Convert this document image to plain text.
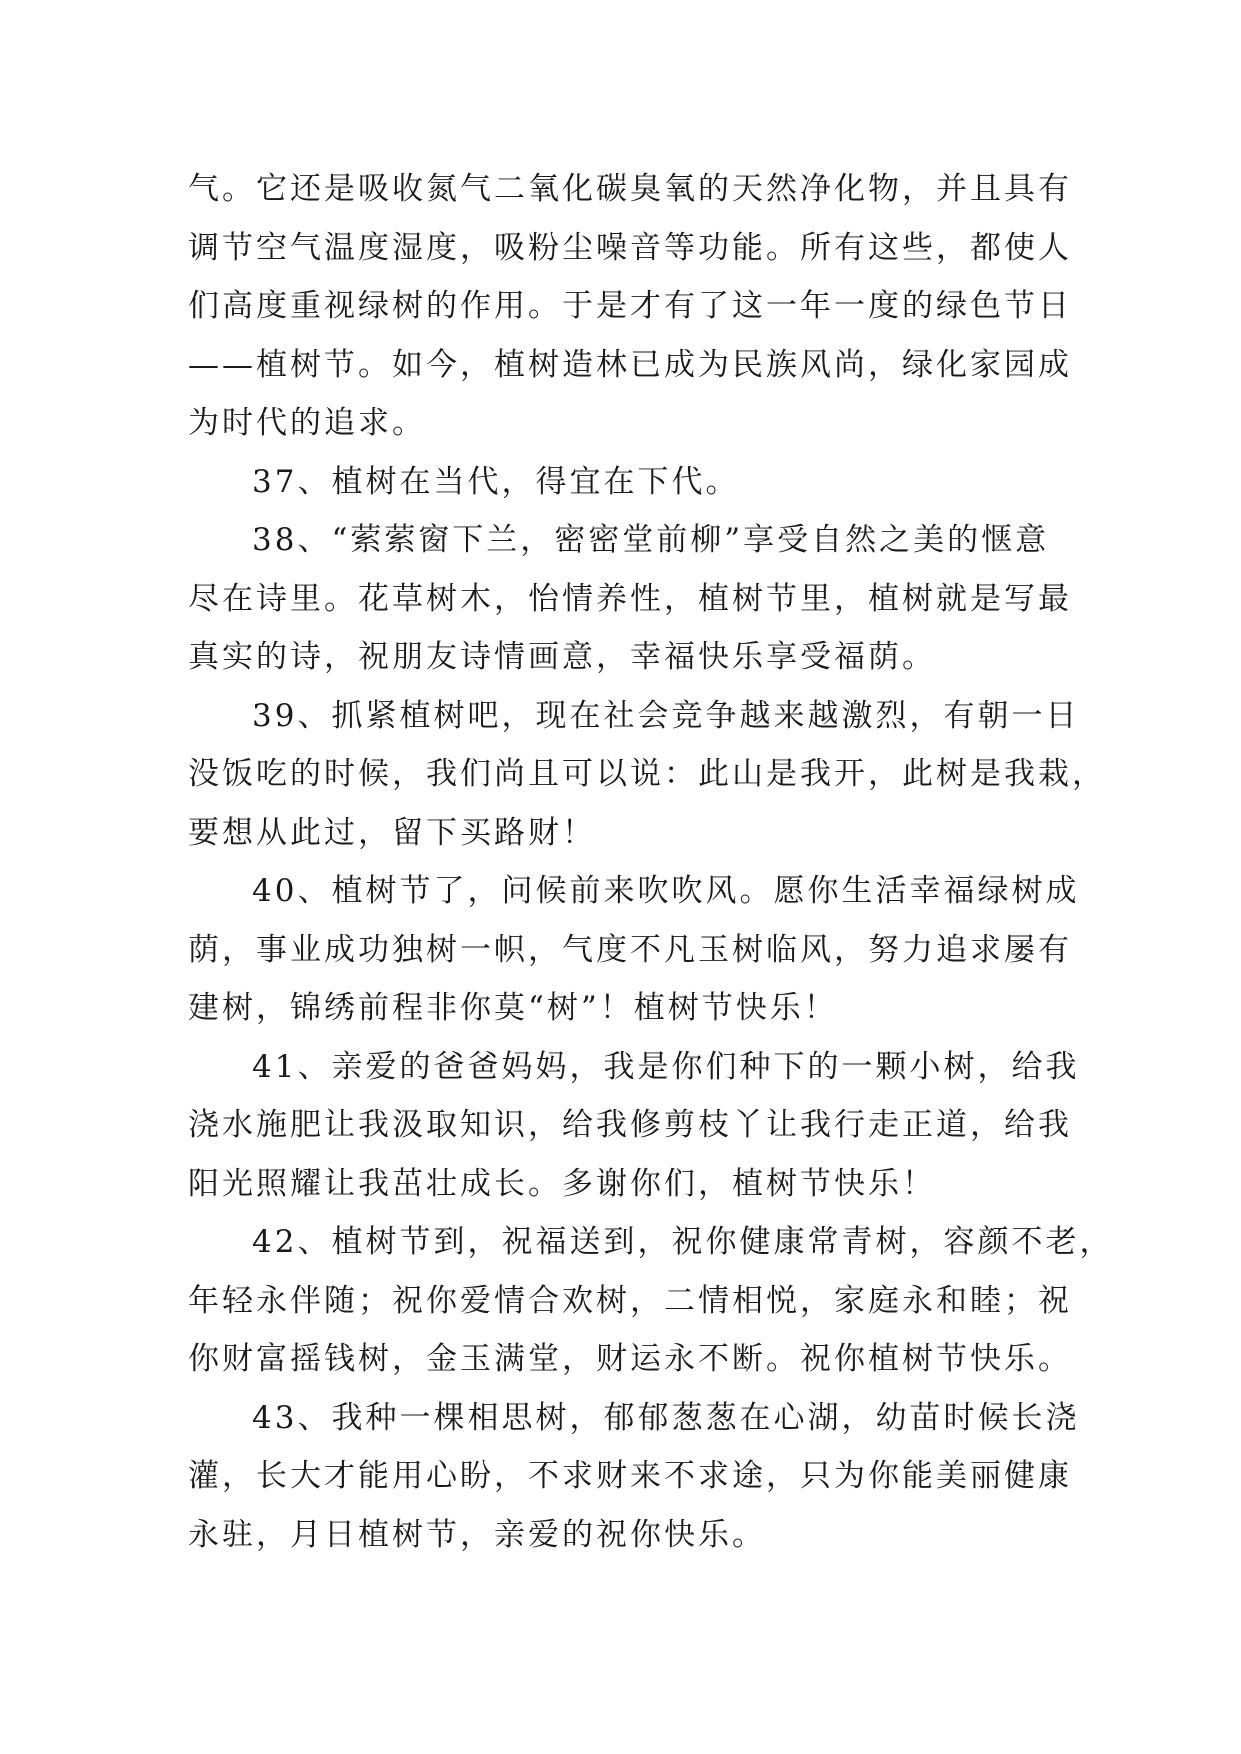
气。它还是吸收氮气二氧化碳臭氧的天然净化物，并且具有
调节空气温度湿度，吸粉尘噪音等功能。所有这些，都使人
们高度重视绿树的作用。于是才有了这一年一度的绿色节日
——植树节。如今，植树造林已成为民族风尚，绿化家园成
为时代的追求。

37、植树在当代，得宜在下代。

38、“萦萦窗下兰，密密堂前柳”享受自然之美的惬意
尽在诗里。花草树木，怡情养性，植树节里，植树就是写最
真实的诗，祝朋友诗情画意，幸福快乐享受福荫。

39、抓紧植树吧，现在社会竞争越来越激烈，有朝一日
没饭吃的时候，我们尚且可以说：此山是我开，此树是我栽，
要想从此过，留下买路财！

40、植树节了，问候前来吹吹风。愿你生活幸福绿树成
荫，事业成功独树一帜，气度不凡玉树临风，努力追求屡有
建树，锦绣前程非你莫“树”！植树节快乐！

41、亲爱的爸爸妈妈，我是你们种下的一颗小树，给我
浇水施肥让我汲取知识，给我修剪枝丫让我行走正道，给我
阳光照耀让我茁壮成长。多谢你们，植树节快乐！

42、植树节到，祝福送到，祝你健康常青树，容颜不老，
年轻永伴随；祝你爱情合欢树，二情相悦，家庭永和睦；祝
你财富摇钱树，金玉满堂，财运永不断。祝你植树节快乐。

43、我种一棵相思树，郁郁葱葱在心湖，幼苗时候长浇
灌，长大才能用心盼，不求财来不求途，只为你能美丽健康
永驻，月日植树节，亲爱的祝你快乐。
